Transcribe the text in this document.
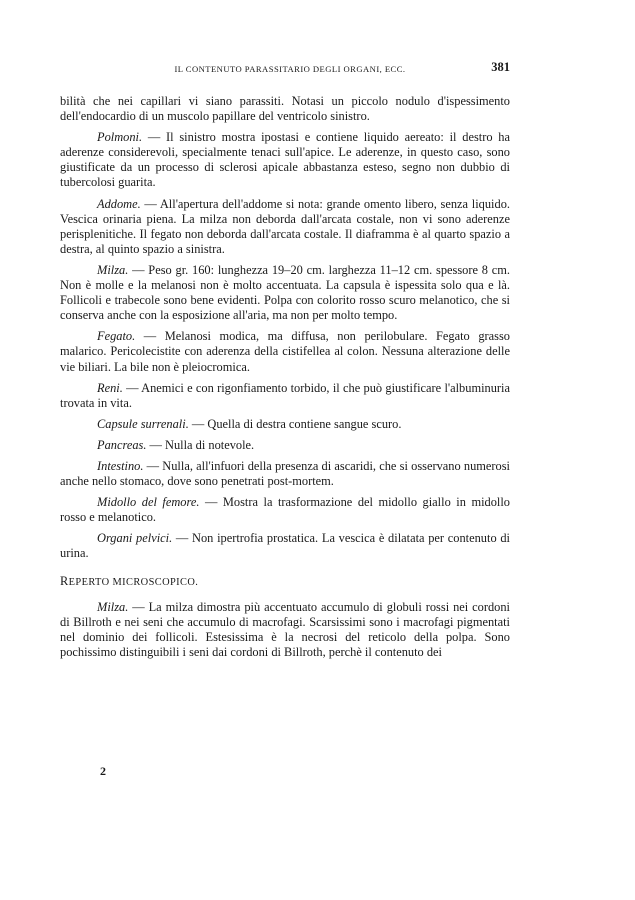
IL CONTENUTO PARASSITARIO DEGLI ORGANI, ECC.	381

bilità che nei capillari vi siano parassiti. Notasi un piccolo nodulo d'ispessimento dell'endocardio di un muscolo papillare del ventricolo sinistro.

Polmoni. — Il sinistro mostra ipostasi e contiene liquido aereato: il destro ha aderenze considerevoli, specialmente tenaci sull'apice. Le aderenze, in questo caso, sono giustificate da un processo di sclerosi apicale abbastanza esteso, segno non dubbio di tubercolosi guarita.

Addome. — All'apertura dell'addome si nota: grande omento libero, senza liquido. Vescica orinaria piena. La milza non deborda dall'arcata costale, non vi sono aderenze perisplenitiche. Il fegato non deborda dall'arcata costale. Il diaframma è al quarto spazio a destra, al quinto spazio a sinistra.

Milza. — Peso gr. 160: lunghezza 19–20 cm. larghezza 11–12 cm. spessore 8 cm. Non è molle e la melanosi non è molto accentuata. La capsula è ispessita solo qua e là. Follicoli e trabecole sono bene evidenti. Polpa con colorito rosso scuro melanotico, che si conserva anche con la esposizione all'aria, ma non per molto tempo.

Fegato. — Melanosi modica, ma diffusa, non perilobulare. Fegato grasso malarico. Pericolecistite con aderenza della cistifellea al colon. Nessuna alterazione delle vie biliari. La bile non è pleiocromica.

Reni. — Anemici e con rigonfiamento torbido, il che può giustificare l'albuminuria trovata in vita.

Capsule surrenali. — Quella di destra contiene sangue scuro.

Pancreas. — Nulla di notevole.

Intestino. — Nulla, all'infuori della presenza di ascaridi, che si osservano numerosi anche nello stomaco, dove sono penetrati post-mortem.

Midollo del femore. — Mostra la trasformazione del midollo giallo in midollo rosso e melanotico.

Organi pelvici. — Non ipertrofia prostatica. La vescica è dilatata per contenuto di urina.

REPERTO MICROSCOPICO.

Milza. — La milza dimostra più accentuato accumulo di globuli rossi nei cordoni di Billroth e nei seni che accumulo di macrofagi. Scarsissimi sono i macrofagi pigmentati nel dominio dei follicoli. Estesissima è la necrosi del reticolo della polpa. Sono pochissimo distinguibili i seni dai cordoni di Billroth, perchè il contenuto dei

2
